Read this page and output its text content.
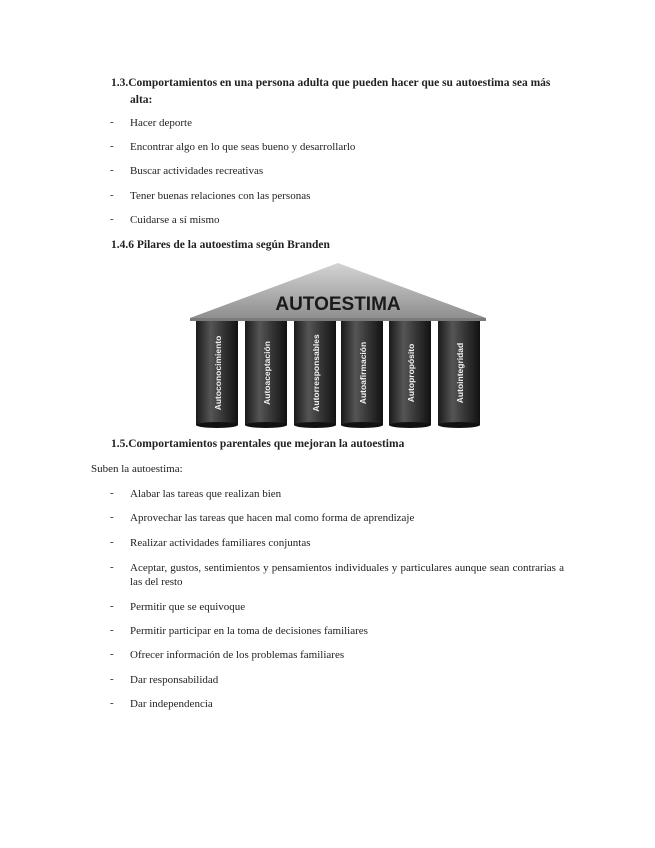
1.3.Comportamientos en una persona adulta que pueden hacer que su autoestima sea más
alta:
- Hacer deporte
- Encontrar algo en lo que seas bueno y desarrollarlo
- Buscar actividades recreativas
- Tener buenas relaciones con las personas
- Cuidarse a sí mismo
1.4.6 Pilares de la autoestima según Branden
AUTOESTIMA
Autoconocimiento	Autoaceptación	Autorresponsables	Autoafirmación	Autopropósito	Autointegridad
1.5.Comportamientos parentales que mejoran la autoestima
Suben la autoestima:
- Alabar las tareas que realizan bien
- Aprovechar las tareas que hacen mal como forma de aprendizaje
- Realizar actividades familiares conjuntas
- Aceptar, gustos, sentimientos y pensamientos individuales y particulares aunque sean contrarias a las del resto
- Permitir que se equivoque
- Permitir participar en la toma de decisiones familiares
- Ofrecer información de los problemas familiares
- Dar responsabilidad
- Dar independencia
